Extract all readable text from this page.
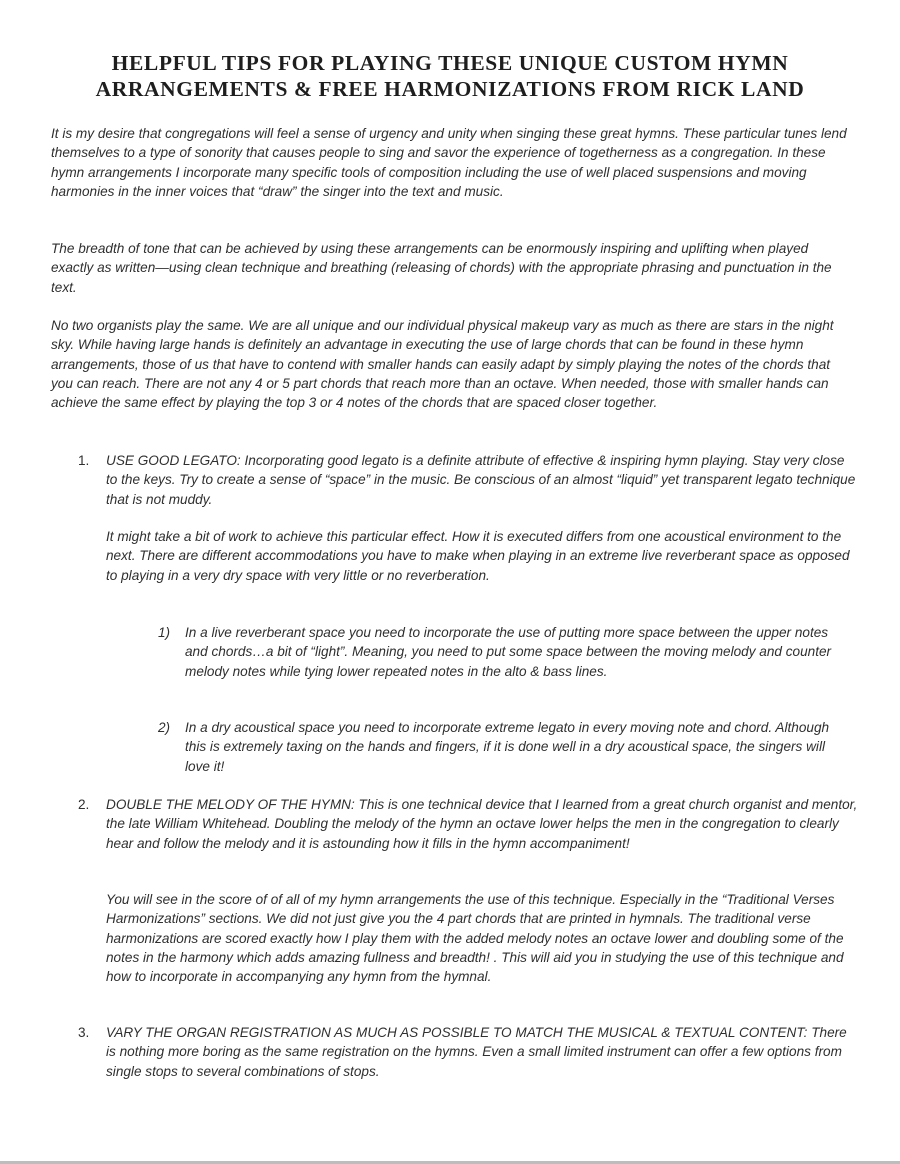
HELPFUL TIPS FOR PLAYING THESE UNIQUE CUSTOM HYMN
ARRANGEMENTS & FREE HARMONIZATIONS FROM RICK LAND

It is my desire that congregations will feel a sense of urgency and unity when singing these great hymns. These particular tunes lend themselves to a type of sonority that causes people to sing and savor the experience of togetherness as a congregation. In these hymn arrangements I incorporate many specific tools of composition including the use of well placed suspensions and moving harmonies in the inner voices that “draw” the singer into the text and music.

The breadth of tone that can be achieved by using these arrangements can be enormously inspiring and uplifting when played exactly as written—using clean technique and breathing (releasing of chords) with the appropriate phrasing and punctuation in the text.

No two organists play the same. We are all unique and our individual physical makeup vary as much as there are stars in the night sky. While having large hands is definitely an advantage in executing the use of large chords that can be found in these hymn arrangements, those of us that have to contend with smaller hands can easily adapt by simply playing the notes of the chords that you can reach. There are not any 4 or 5 part chords that reach more than an octave. When needed, those with smaller hands can achieve the same effect by playing the top 3 or 4 notes of the chords that are spaced closer together.

1.	USE GOOD LEGATO: Incorporating good legato is a definite attribute of effective & inspiring hymn playing. Stay very close to the keys. Try to create a sense of “space” in the music. Be conscious of an almost “liquid” yet transparent legato technique that is not muddy.

It might take a bit of work to achieve this particular effect. How it is executed differs from one acoustical environment to the next. There are different accommodations you have to make when playing in an extreme live reverberant space as opposed to playing in a very dry space with very little or no reverberation.

1)	In a live reverberant space you need to incorporate the use of putting more space between the upper notes and chords…a bit of “light”. Meaning, you need to put some space between the moving melody and counter melody notes while tying lower repeated notes in the alto & bass lines.

2)	In a dry acoustical space you need to incorporate extreme legato in every moving note and chord. Although this is extremely taxing on the hands and fingers, if it is done well in a dry acoustical space, the singers will love it!

2.	DOUBLE THE MELODY OF THE HYMN: This is one technical device that I learned from a great church organist and mentor, the late William Whitehead. Doubling the melody of the hymn an octave lower helps the men in the congregation to clearly hear and follow the melody and it is astounding how it fills in the hymn accompaniment!

You will see in the score of of all of my hymn arrangements the use of this technique. Especially in the “Traditional Verses Harmonizations” sections. We did not just give you the 4 part chords that are printed in hymnals. The traditional verse harmonizations are scored exactly how I play them with the added melody notes an octave lower and doubling some of the notes in the harmony which adds amazing fullness and breadth! . This will aid you in studying the use of this technique and how to incorporate in accompanying any hymn from the hymnal.

3.	VARY THE ORGAN REGISTRATION AS MUCH AS POSSIBLE TO MATCH THE MUSICAL & TEXTUAL CONTENT: There is nothing more boring as the same registration on the hymns. Even a small limited instrument can offer a few options from single stops to several combinations of stops.
